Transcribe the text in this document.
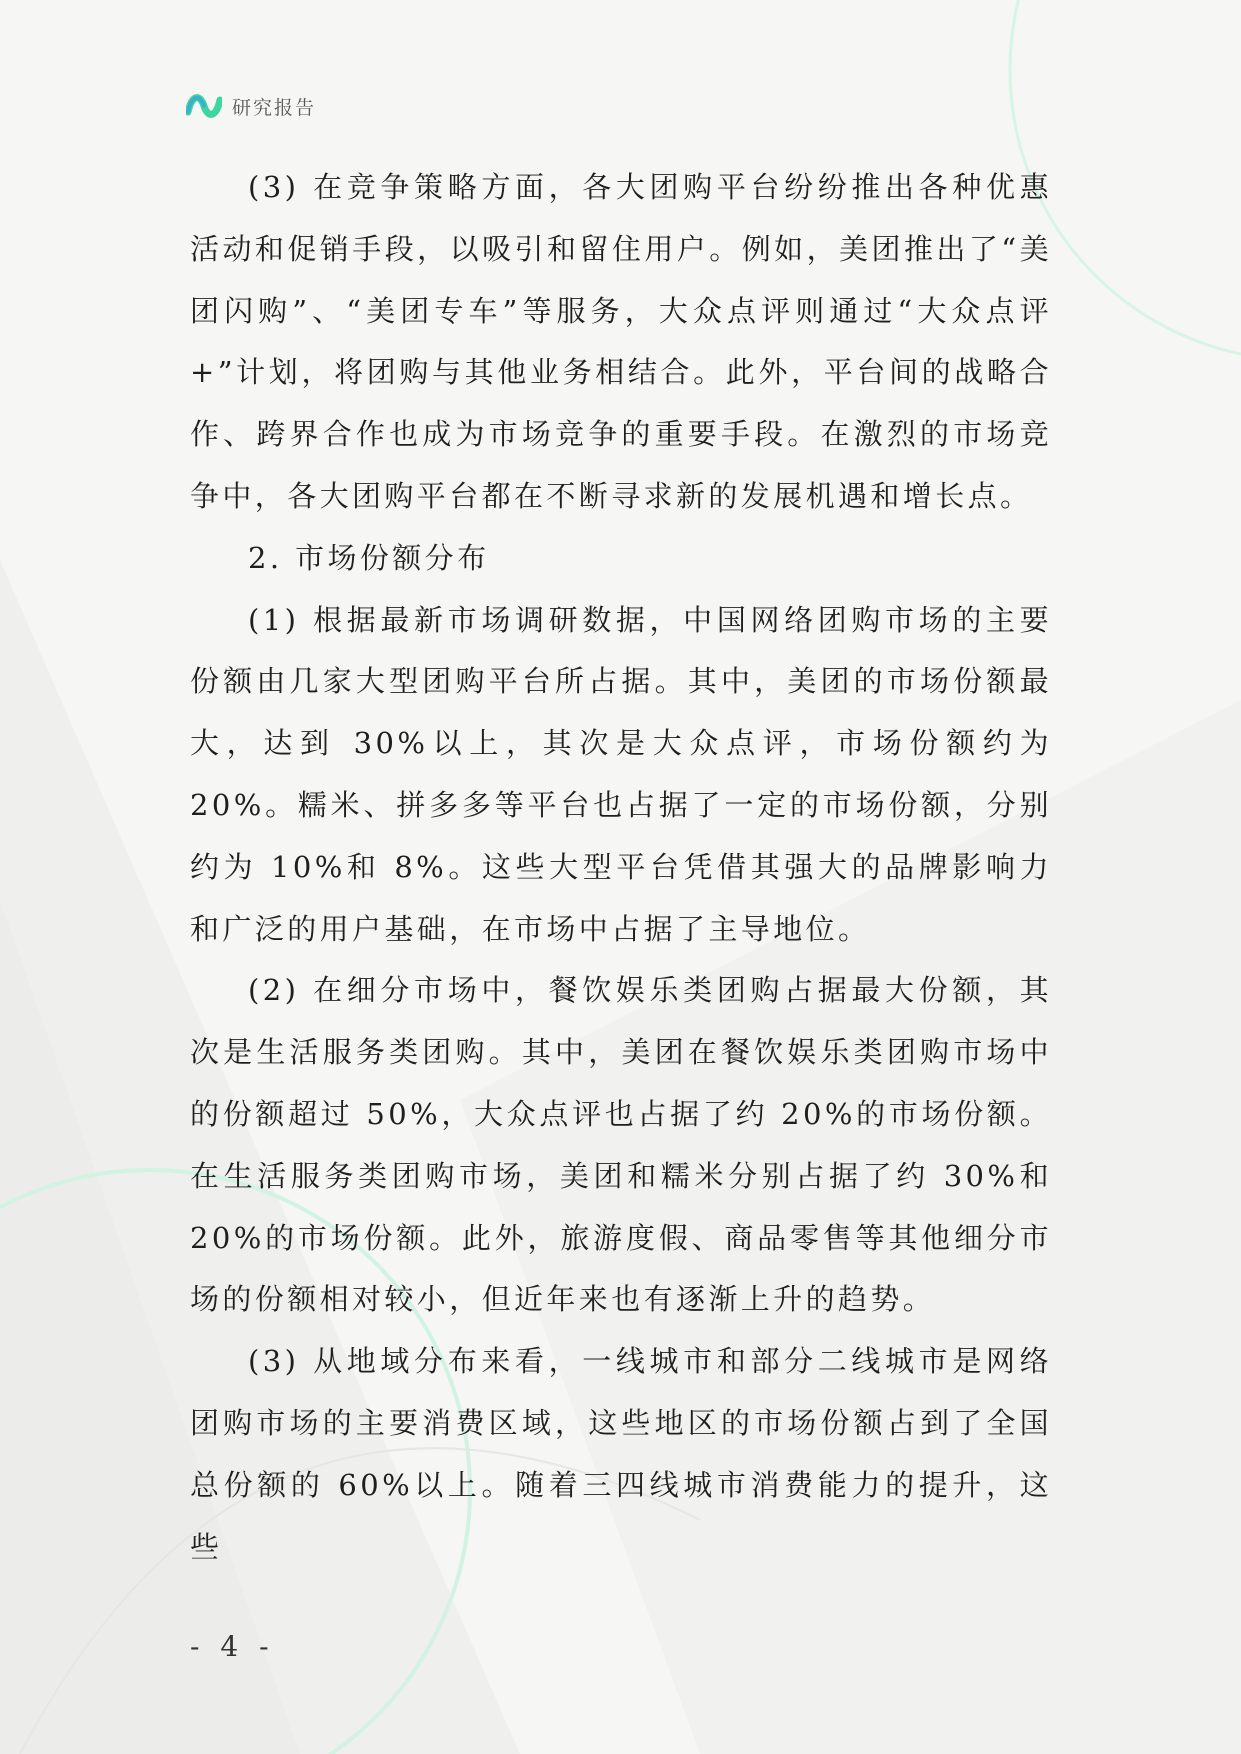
研究报告

(3) 在竞争策略方面，各大团购平台纷纷推出各种优惠活动和促销手段，以吸引和留住用户。例如，美团推出了“美团闪购”、“美团专车”等服务，大众点评则通过“大众点评+”计划，将团购与其他业务相结合。此外，平台间的战略合作、跨界合作也成为市场竞争的重要手段。在激烈的市场竞争中，各大团购平台都在不断寻求新的发展机遇和增长点。

2. 市场份额分布

(1) 根据最新市场调研数据，中国网络团购市场的主要份额由几家大型团购平台所占据。其中，美团的市场份额最大，达到 30%以上，其次是大众点评，市场份额约为 20%。糯米、拼多多等平台也占据了一定的市场份额，分别约为 10%和 8%。这些大型平台凭借其强大的品牌影响力和广泛的用户基础，在市场中占据了主导地位。

(2) 在细分市场中，餐饮娱乐类团购占据最大份额，其次是生活服务类团购。其中，美团在餐饮娱乐类团购市场中的份额超过 50%，大众点评也占据了约 20%的市场份额。在生活服务类团购市场，美团和糯米分别占据了约 30%和 20%的市场份额。此外，旅游度假、商品零售等其他细分市场的份额相对较小，但近年来也有逐渐上升的趋势。

(3) 从地域分布来看，一线城市和部分二线城市是网络团购市场的主要消费区域，这些地区的市场份额占到了全国总份额的 60%以上。随着三四线城市消费能力的提升，这些

- 4 -
